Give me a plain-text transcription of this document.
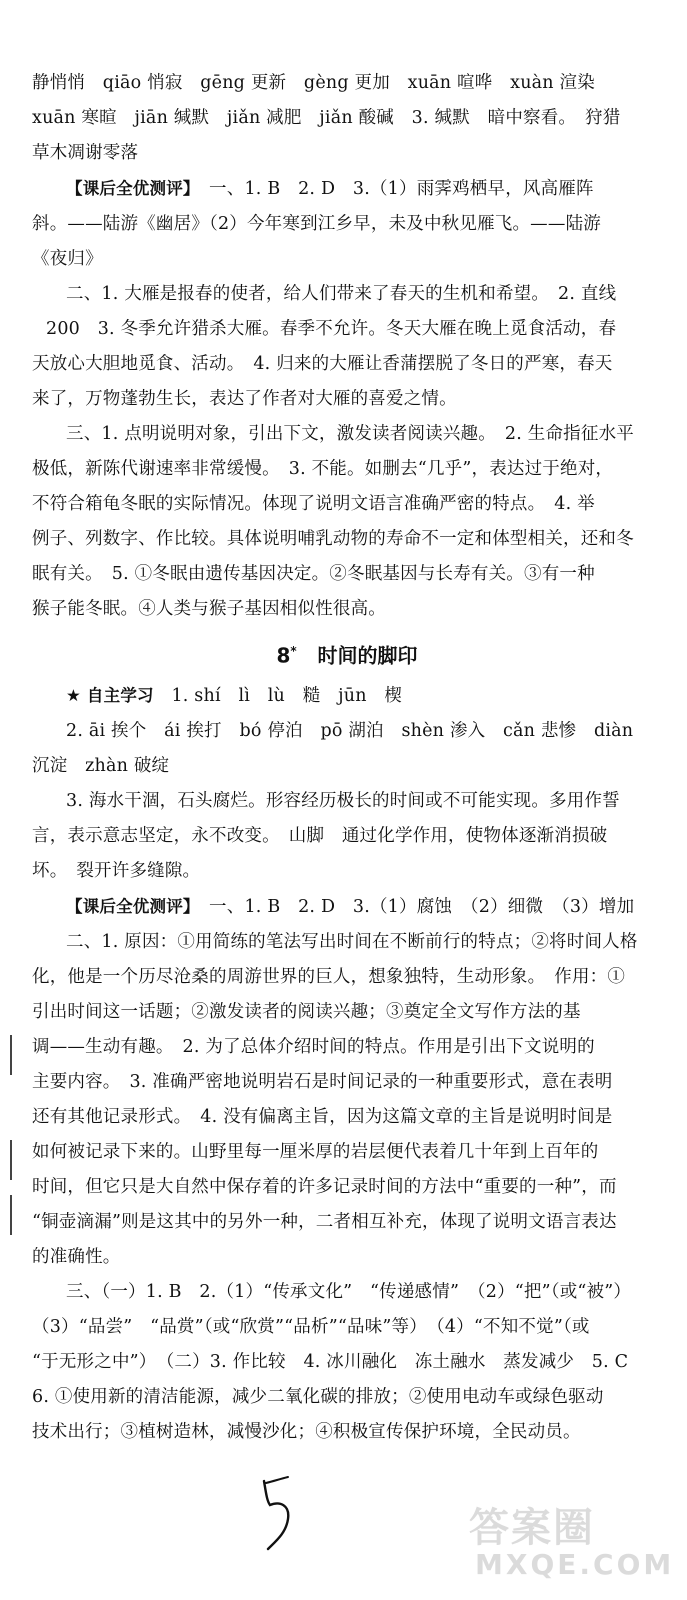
静悄悄　qiāo 悄寂　gēng 更新　gèng 更加　xuān 喧哗　xuàn 渲染
xuān 寒暄　jiān 缄默　jiǎn 减肥　jiǎn 酸碱　3. 缄默　暗中察看。　狩猎
草木凋谢零落
【课后全优测评】　一、1. B　2. D　3.（1）雨霁鸡栖早，风高雁阵
斜。——陆游《幽居》（2）今年寒到江乡早，未及中秋见雁飞。——陆游
《夜归》
二、1. 大雁是报春的使者，给人们带来了春天的生机和希望。　2. 直线
200　3. 冬季允许猎杀大雁。春季不允许。冬天大雁在晚上觅食活动，春
天放心大胆地觅食、活动。　4. 归来的大雁让香蒲摆脱了冬日的严寒，春天
来了，万物蓬勃生长，表达了作者对大雁的喜爱之情。
三、1. 点明说明对象，引出下文，激发读者阅读兴趣。　2. 生命指征水平
极低，新陈代谢速率非常缓慢。　3. 不能。如删去“几乎”，表达过于绝对，
不符合箱龟冬眠的实际情况。体现了说明文语言准确严密的特点。　4. 举
例子、列数字、作比较。具体说明哺乳动物的寿命不一定和体型相关，还和冬
眠有关。　5. ①冬眠由遗传基因决定。②冬眠基因与长寿有关。③有一种
猴子能冬眠。④人类与猴子基因相似性很高。
8* 时间的脚印
★ 自主学习　1. shí　lì　lù　糙　jūn　楔
2. āi 挨个　ái 挨打　bó 停泊　pō 湖泊　shèn 渗入　cǎn 悲惨　diàn
沉淀　zhàn 破绽
3. 海水干涸，石头腐烂。形容经历极长的时间或不可能实现。多用作誓
言，表示意志坚定，永不改变。　山脚　通过化学作用，使物体逐渐消损破
坏。　裂开许多缝隙。
【课后全优测评】　一、1. B　2. D　3.（1）腐蚀　（2）细微　（3）增加
二、1. 原因：①用简练的笔法写出时间在不断前行的特点；②将时间人格
化，他是一个历尽沧桑的周游世界的巨人，想象独特，生动形象。　作用：①
引出时间这一话题；②激发读者的阅读兴趣；③奠定全文写作方法的基
调——生动有趣。　2. 为了总体介绍时间的特点。作用是引出下文说明的
主要内容。　3. 准确严密地说明岩石是时间记录的一种重要形式，意在表明
还有其他记录形式。　4. 没有偏离主旨，因为这篇文章的主旨是说明时间是
如何被记录下来的。山野里每一厘米厚的岩层便代表着几十年到上百年的
时间，但它只是大自然中保存着的许多记录时间的方法中“重要的一种”，而
“铜壶滴漏”则是这其中的另外一种，二者相互补充，体现了说明文语言表达
的准确性。
三、（一）1. B　2.（1）“传承文化”　“传递感情”　（2）“把”（或“被”）
（3）“品尝”　“品赏”（或“欣赏”“品析”“品味”等）　（4）“不知不觉”（或
“于无形之中”）　（二）3. 作比较　4. 冰川融化　冻土融水　蒸发减少　5. C
6. ①使用新的清洁能源，减少二氧化碳的排放；②使用电动车或绿色驱动
技术出行；③植树造林，减慢沙化；④积极宣传保护环境，全民动员。
答案圈
MXQE.COM
